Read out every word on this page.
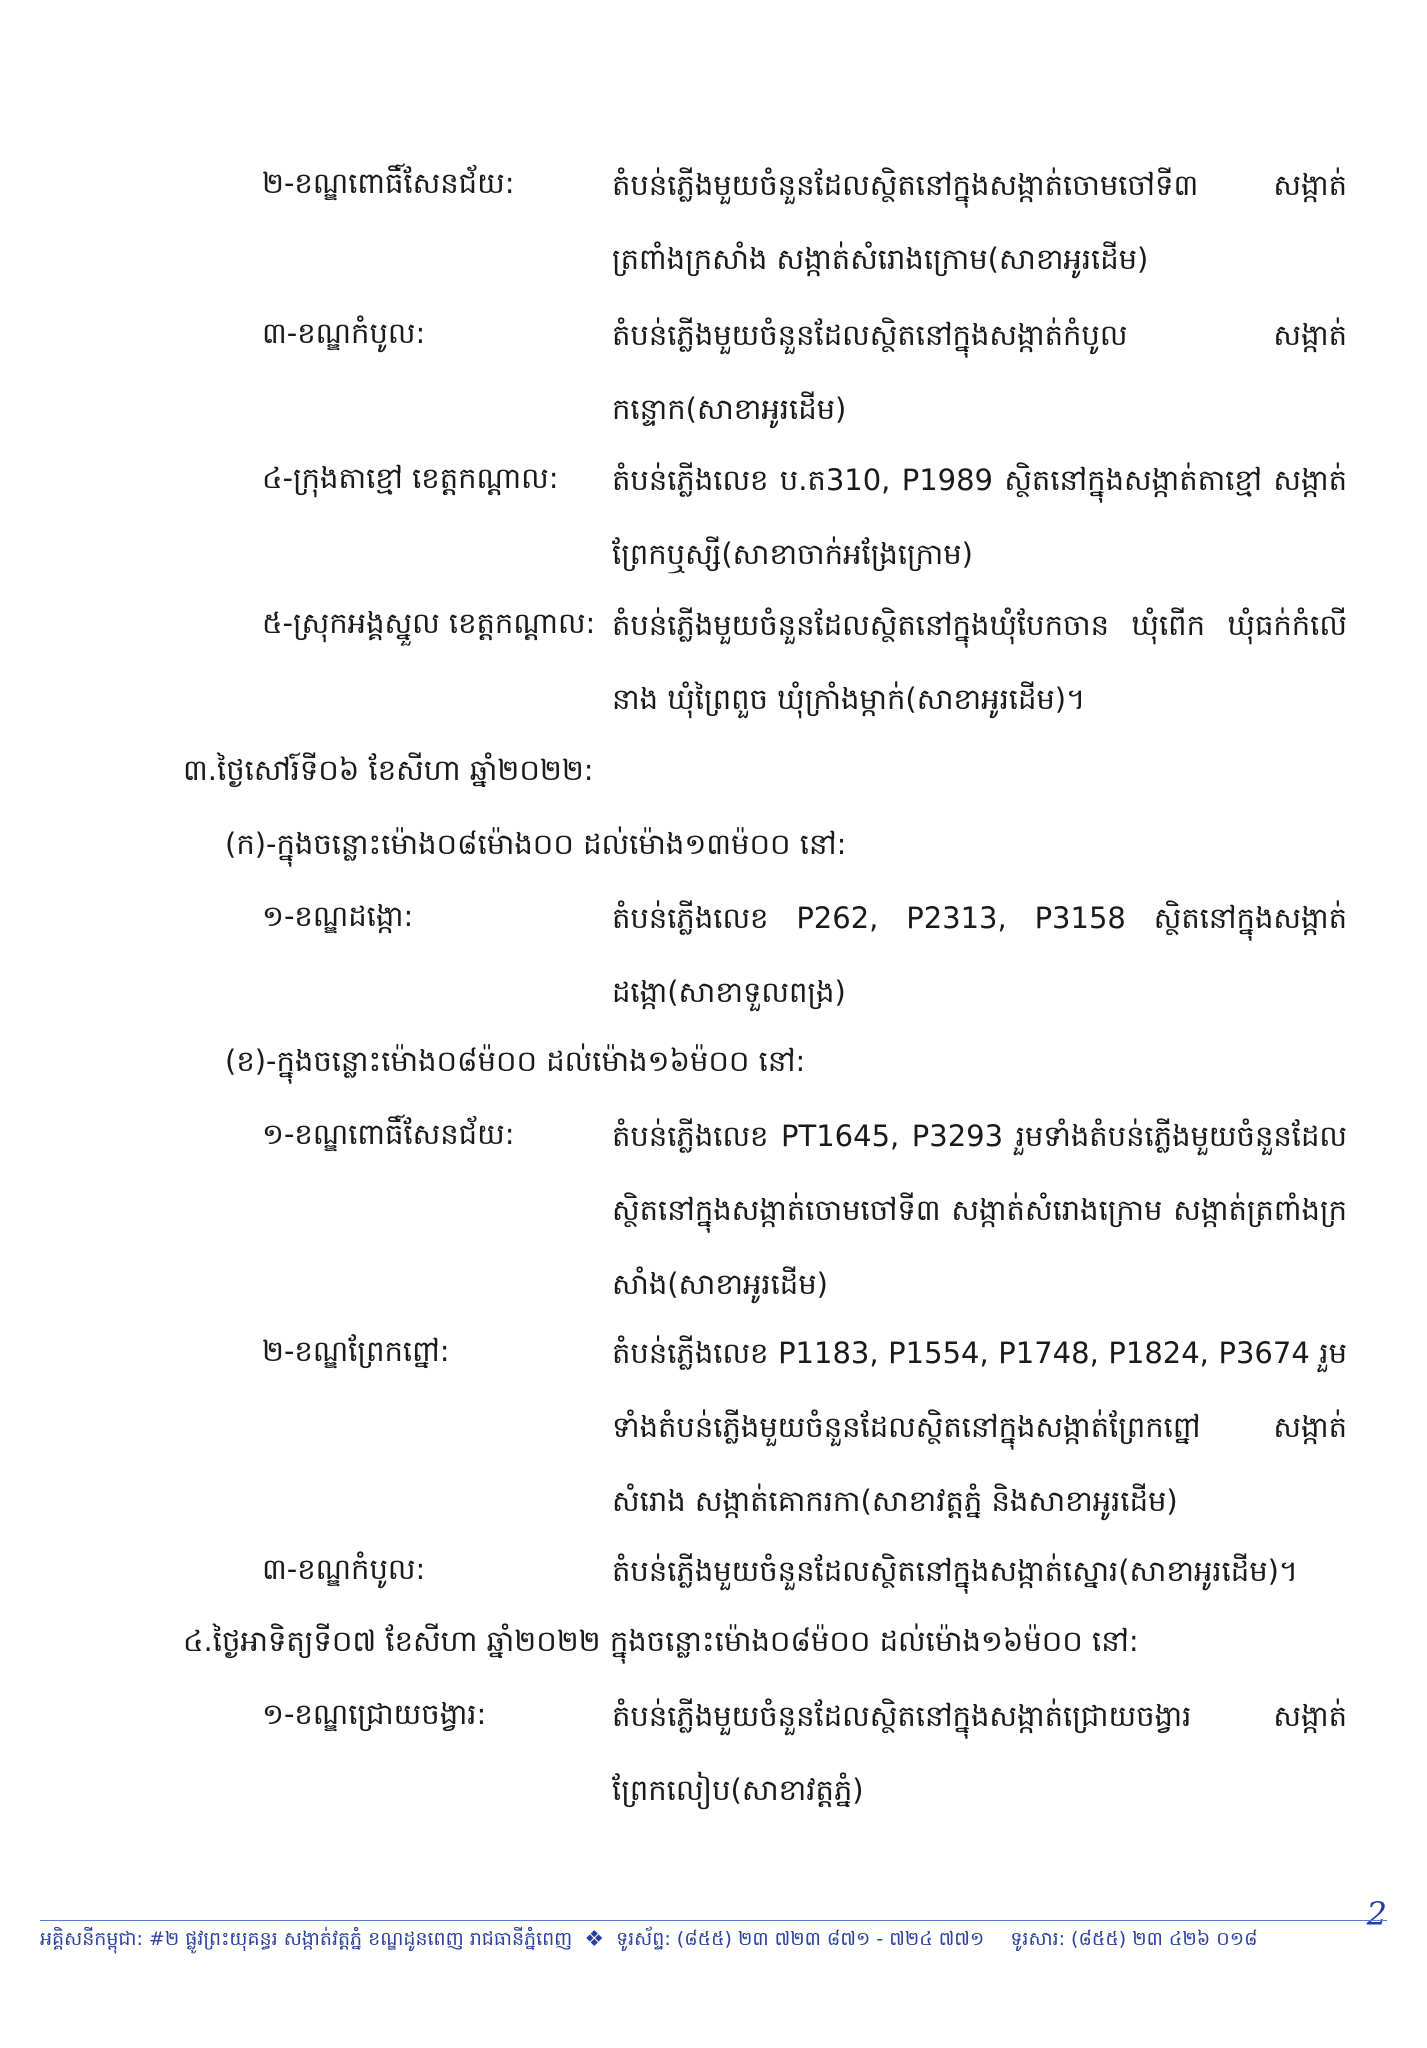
២-ខណ្ឌពោធិ៍សែនជ័យ:	តំបន់ភ្លើងមួយចំនួនដែលស្ថិតនៅក្នុងសង្កាត់ចោមចៅទី៣ សង្កាត់ត្រពាំងក្រសាំង សង្កាត់សំរោងក្រោម(សាខាអូរដើម)
៣-ខណ្ឌកំបូល:	តំបន់ភ្លើងមួយចំនួនដែលស្ថិតនៅក្នុងសង្កាត់កំបូល សង្កាត់កន្ទោក(សាខាអូរដើម)
៤-ក្រុងតាខ្មៅ ខេត្តកណ្ដាល: តំបន់ភ្លើងលេខ ប.ត310, P1989 ស្ថិតនៅក្នុងសង្កាត់តាខ្មៅ សង្កាត់ព្រែកឬស្សី(សាខាចាក់អង្រែក្រោម)
៥-ស្រុកអង្គស្នួល ខេត្តកណ្ដាល: តំបន់ភ្លើងមួយចំនួនដែលស្ថិតនៅក្នុងឃុំបែកចាន ឃុំពើក ឃុំធក់កំលើនាង ឃុំព្រៃពួច ឃុំក្រាំងម្កាក់(សាខាអូរដើម)។
៣.ថ្ងៃសៅរ៍ទី០៦ ខែសីហា ឆ្នាំ២០២២:
(ក)-ក្នុងចន្លោះម៉ោង០៨ម៉ោង០០ ដល់ម៉ោង១៣ម៉០០ នៅ:
១-ខណ្ឌដង្កោ:	តំបន់ភ្លើងលេខ P262, P2313, P3158 ស្ថិតនៅក្នុងសង្កាត់ដង្កោ(សាខាទួលពង្រ)
(ខ)-ក្នុងចន្លោះម៉ោង០៨ម៉០០ ដល់ម៉ោង១៦ម៉០០ នៅ:
១-ខណ្ឌពោធិ៍សែនជ័យ:	តំបន់ភ្លើងលេខ PT1645, P3293 រួមទាំងតំបន់ភ្លើងមួយចំនួនដែលស្ថិតនៅក្នុងសង្កាត់ចោមចៅទី៣ សង្កាត់សំរោងក្រោម សង្កាត់ត្រពាំងក្រសាំង(សាខាអូរដើម)
២-ខណ្ឌព្រែកព្នៅ:	តំបន់ភ្លើងលេខ P1183, P1554, P1748, P1824, P3674 រួមទាំងតំបន់ភ្លើងមួយចំនួនដែលស្ថិតនៅក្នុងសង្កាត់ព្រែកព្នៅ សង្កាត់សំរោង សង្កាត់គោករកា(សាខាវត្តភ្នំ និងសាខាអូរដើម)
៣-ខណ្ឌកំបូល:	តំបន់ភ្លើងមួយចំនួនដែលស្ថិតនៅក្នុងសង្កាត់ស្នោរ(សាខាអូរដើម)។
៤.ថ្ងៃអាទិត្យទី០៧ ខែសីហា ឆ្នាំ២០២២ ក្នុងចន្លោះម៉ោង០៨ម៉០០ ដល់ម៉ោង១៦ម៉០០ នៅ:
១-ខណ្ឌជ្រោយចង្វារ:	តំបន់ភ្លើងមួយចំនួនដែលស្ថិតនៅក្នុងសង្កាត់ជ្រោយចង្វារ សង្កាត់ព្រែកលៀប(សាខាវត្តភ្នំ)
2
អគ្គិសនីកម្ពុជា: #២ ផ្លូវព្រះយុគន្ធរ សង្កាត់វត្តភ្នំ ខណ្ឌដូនពេញ រាជធានីភ្នំពេញ ❖ ទូរស័ព្ទ: (៨៥៥) ២៣ ៧២៣ ៨៧១ - ៧២៤ ៧៧១ ទូរសារ: (៨៥៥) ២៣ ៤២៦ ០១៨
